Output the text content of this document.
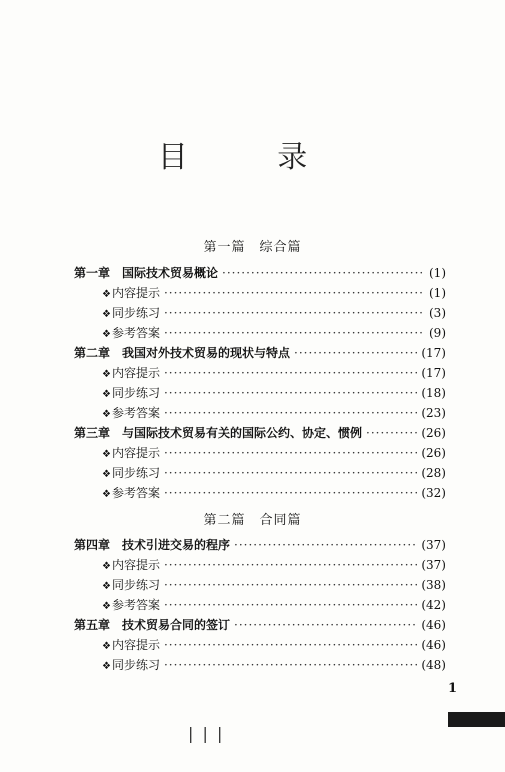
目 录
第一篇　综合篇
第一章　国际技术贸易概论 ·····	(1)
❖内容提示 ·····	(1)
❖同步练习 ·····	(3)
❖参考答案 ·····	(9)
第二章　我国对外技术贸易的现状与特点 ·····	(17)
❖内容提示 ·····	(17)
❖同步练习 ·····	(18)
❖参考答案 ·····	(23)
第三章　与国际技术贸易有关的国际公约、协定、惯例 ·····	(26)
❖内容提示 ·····	(26)
❖同步练习 ·····	(28)
❖参考答案 ·····	(32)
第二篇　合同篇
第四章　技术引进交易的程序 ·····	(37)
❖内容提示 ·····	(37)
❖同步练习 ·····	(38)
❖参考答案 ·····	(42)
第五章　技术贸易合同的签订 ·····	(46)
❖内容提示 ·····	(46)
❖同步练习 ·····	(48)
1
| | |
